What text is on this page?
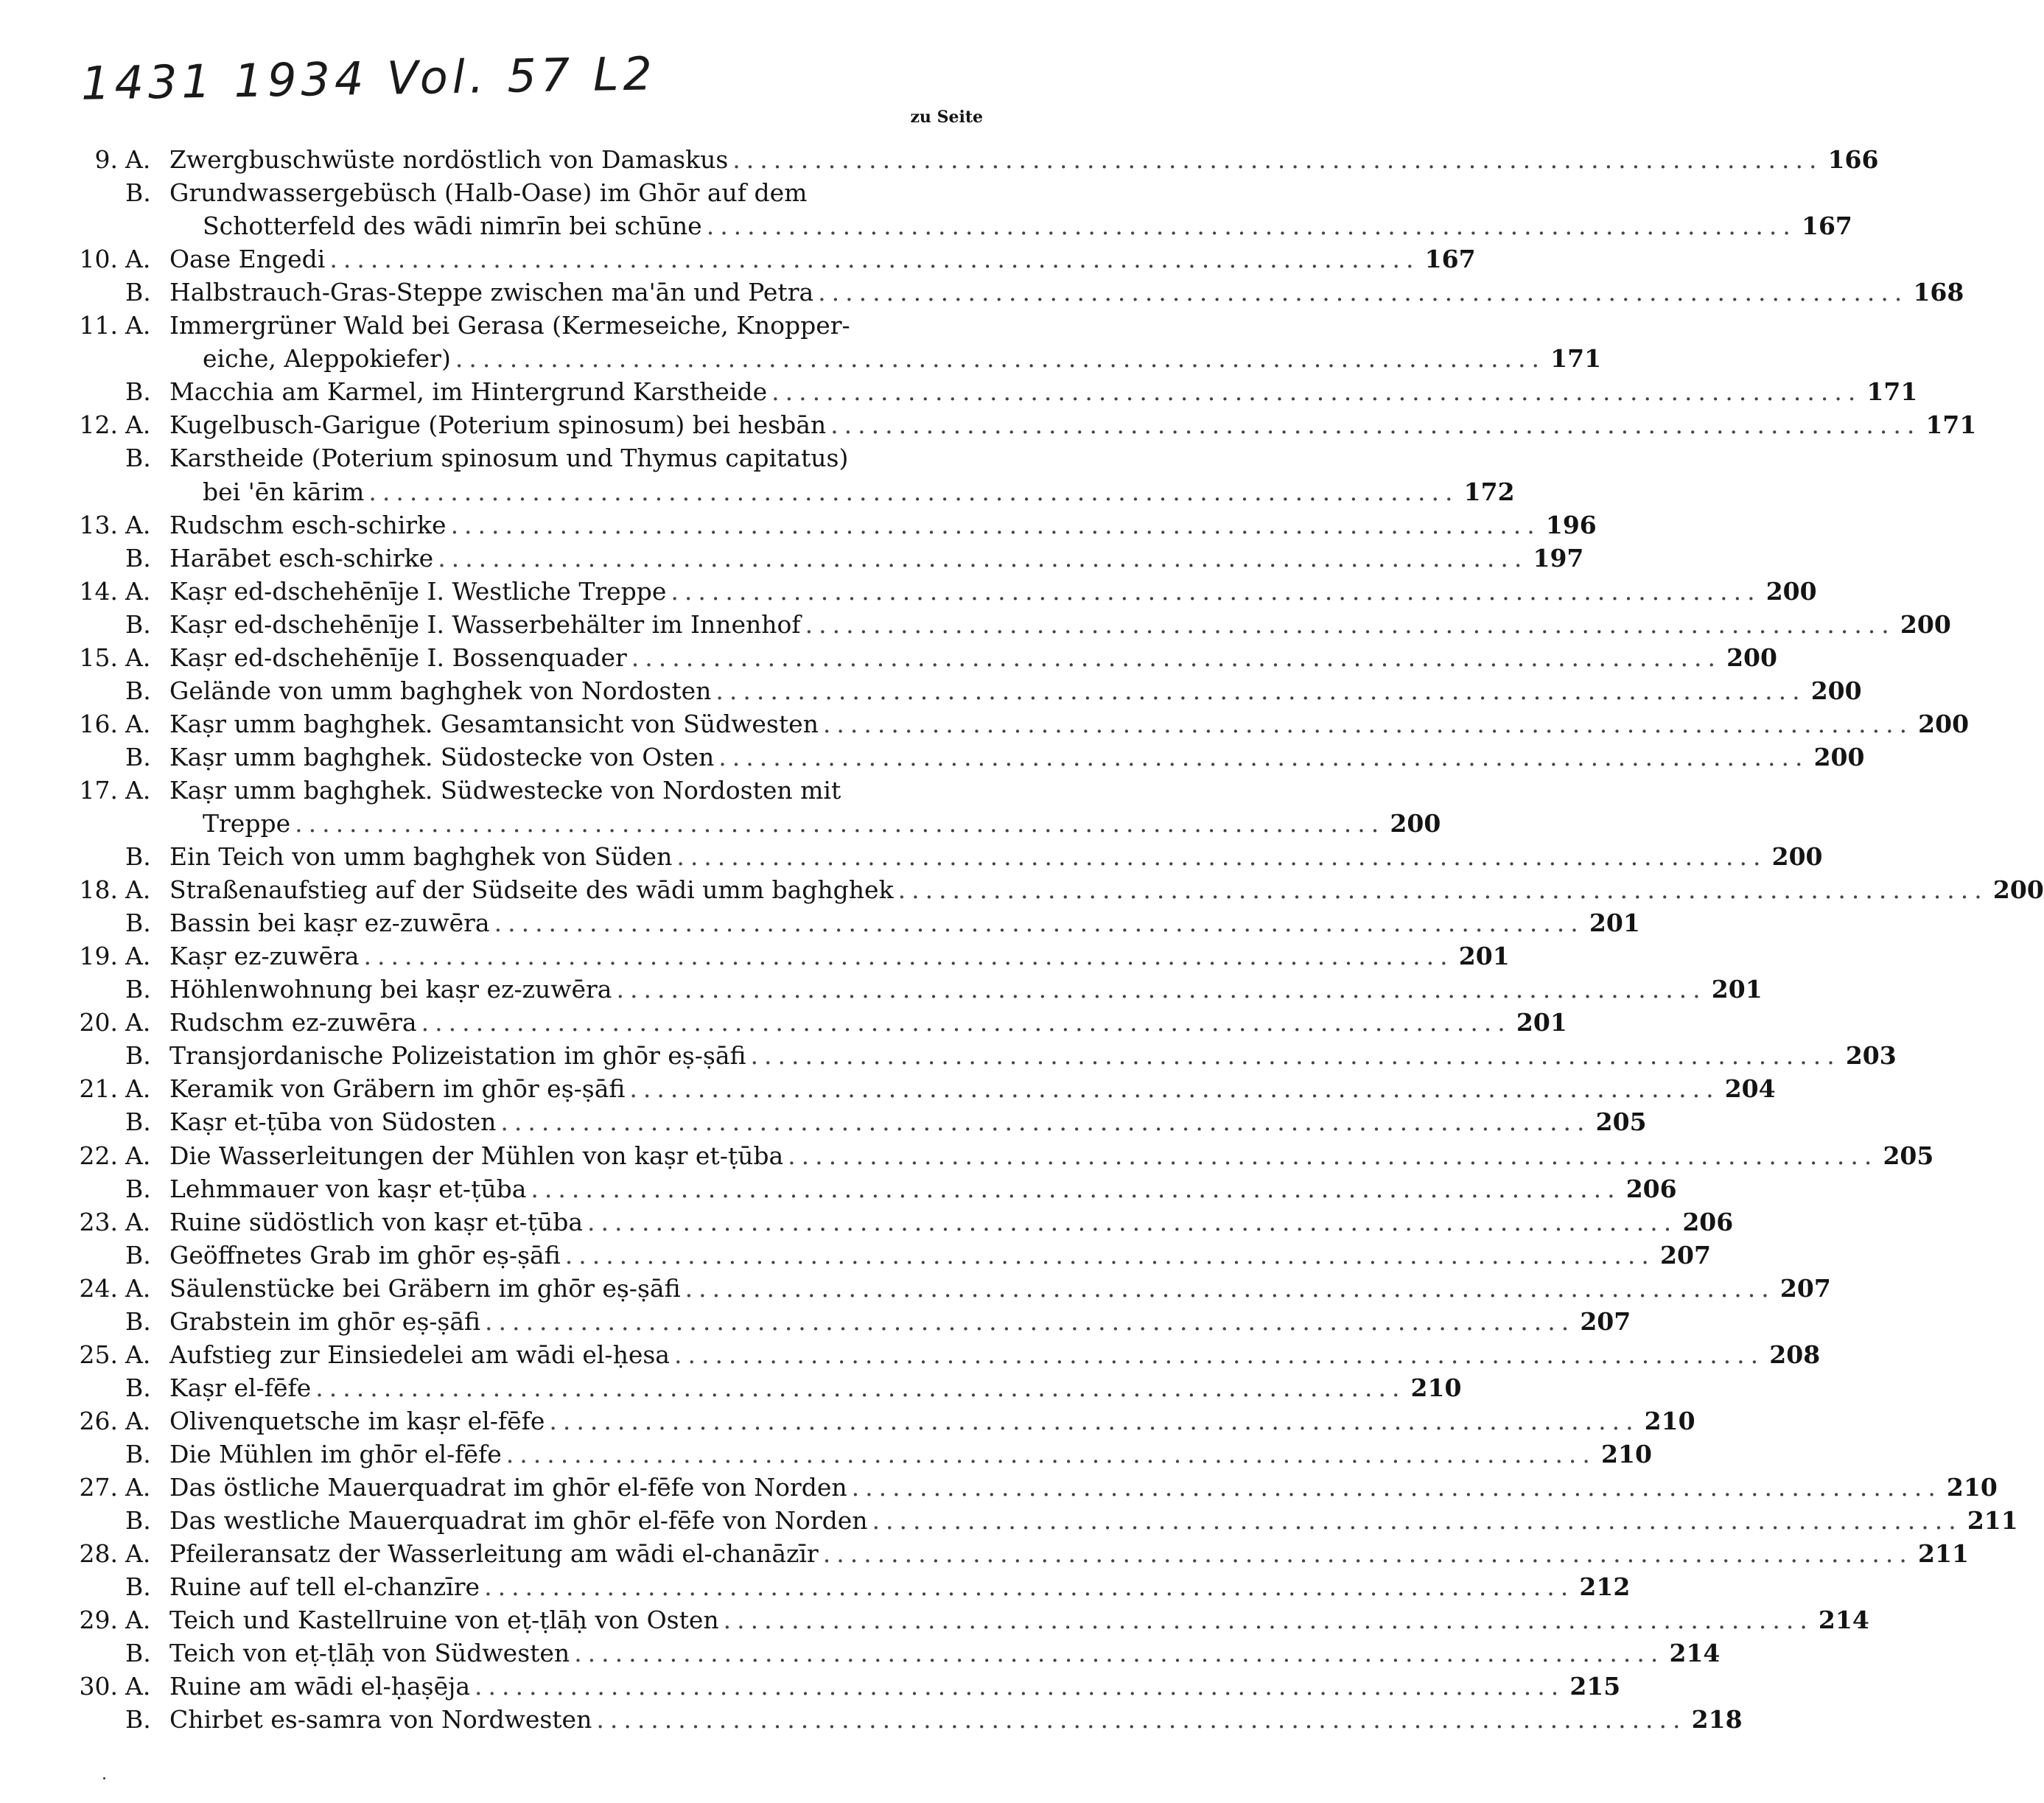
1431 1934 Vol. 57 L2
zu Seite
9. A. Zwergbuschwüste nordöstlich von Damaskus ................................................................................ 166
B. Grundwassergebüsch (Halb-Oase) im Ghōr auf dem
Schotterfeld des wādi nimrīn bei schūne ................................................................................ 167
10. A. Oase Engedi ................................................................................ 167
B. Halbstrauch-Gras-Steppe zwischen ma'ān und Petra ................................................................................ 168
11. A. Immergrüner Wald bei Gerasa (Kermeseiche, Knopper-
eiche, Aleppokiefer) ................................................................................ 171
B. Macchia am Karmel, im Hintergrund Karstheide ................................................................................ 171
12. A. Kugelbusch-Garigue (Poterium spinosum) bei hesbān ................................................................................ 171
B. Karstheide (Poterium spinosum und Thymus capitatus)
bei 'ēn kārim ................................................................................ 172
13. A. Rudschm esch-schirke ................................................................................ 196
B. Harābet esch-schirke ................................................................................ 197
14. A. Kaṣr ed-dschehēnīje I. Westliche Treppe ................................................................................ 200
B. Kaṣr ed-dschehēnīje I. Wasserbehälter im Innenhof ................................................................................ 200
15. A. Kaṣr ed-dschehēnīje I. Bossenquader ................................................................................ 200
B. Gelände von umm baghghek von Nordosten ................................................................................ 200
16. A. Kaṣr umm baghghek. Gesamtansicht von Südwesten ................................................................................ 200
B. Kaṣr umm baghghek. Südostecke von Osten ................................................................................ 200
17. A. Kaṣr umm baghghek. Südwestecke von Nordosten mit
Treppe ................................................................................ 200
B. Ein Teich von umm baghghek von Süden ................................................................................ 200
18. A. Straßenaufstieg auf der Südseite des wādi umm baghghek ................................................................................ 200
B. Bassin bei kaṣr ez-zuwēra ................................................................................ 201
19. A. Kaṣr ez-zuwēra ................................................................................ 201
B. Höhlenwohnung bei kaṣr ez-zuwēra ................................................................................ 201
20. A. Rudschm ez-zuwēra ................................................................................ 201
B. Transjordanische Polizeistation im ghōr eṣ-ṣāfi ................................................................................ 203
21. A. Keramik von Gräbern im ghōr eṣ-ṣāfi ................................................................................ 204
B. Kaṣr et-ṭūba von Südosten ................................................................................ 205
22. A. Die Wasserleitungen der Mühlen von kaṣr et-ṭūba ................................................................................ 205
B. Lehmmauer von kaṣr et-ṭūba ................................................................................ 206
23. A. Ruine südöstlich von kaṣr et-ṭūba ................................................................................ 206
B. Geöffnetes Grab im ghōr eṣ-ṣāfi ................................................................................ 207
24. A. Säulenstücke bei Gräbern im ghōr eṣ-ṣāfi ................................................................................ 207
B. Grabstein im ghōr eṣ-ṣāfi ................................................................................ 207
25. A. Aufstieg zur Einsiedelei am wādi el-ḥesa ................................................................................ 208
B. Kaṣr el-fēfe ................................................................................ 210
26. A. Olivenquetsche im kaṣr el-fēfe ................................................................................ 210
B. Die Mühlen im ghōr el-fēfe ................................................................................ 210
27. A. Das östliche Mauerquadrat im ghōr el-fēfe von Norden ................................................................................ 210
B. Das westliche Mauerquadrat im ghōr el-fēfe von Norden ................................................................................ 211
28. A. Pfeileransatz der Wasserleitung am wādi el-chanāzīr ................................................................................ 211
B. Ruine auf tell el-chanzīre ................................................................................ 212
29. A. Teich und Kastellruine von eṭ-ṭlāḥ von Osten ................................................................................ 214
B. Teich von eṭ-ṭlāḥ von Südwesten ................................................................................ 214
30. A. Ruine am wādi el-ḥaṣēja ................................................................................ 215
B. Chirbet es-samra von Nordwesten ................................................................................ 218
